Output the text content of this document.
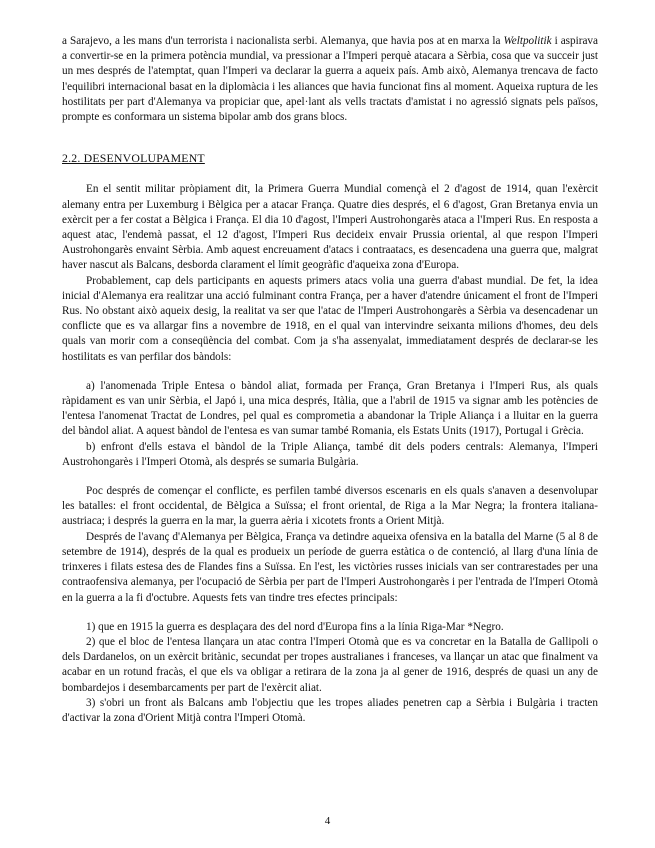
a Sarajevo, a les mans d'un terrorista i nacionalista serbi. Alemanya, que havia pos at en marxa la Weltpolitik i aspirava a convertir-se en la primera potència mundial, va pressionar a l'Imperi perquè atacara a Sèrbia, cosa que va succeir just un mes després de l'atemptat, quan l'Imperi va declarar la guerra a aqueix país. Amb això, Alemanya trencava de facto l'equilibri internacional basat en la diplomàcia i les aliances que havia funcionat fins al moment. Aqueixa ruptura de les hostilitats per part d'Alemanya va propiciar que, apel·lant als vells tractats d'amistat i no agressió signats pels països, prompte es conformara un sistema bipolar amb dos grans blocs.

2.2. DESENVOLUPAMENT

En el sentit militar pròpiament dit, la Primera Guerra Mundial començà el 2 d'agost de 1914, quan l'exèrcit alemany entra per Luxemburg i Bèlgica per a atacar França. Quatre dies després, el 6 d'agost, Gran Bretanya envia un exèrcit per a fer costat a Bèlgica i França. El dia 10 d'agost, l'Imperi Austrohongarès ataca a l'Imperi Rus. En resposta a aquest atac, l'endemà passat, el 12 d'agost, l'Imperi Rus decideix envair Prussia oriental, al que respon l'Imperi Austrohongarès envaint Sèrbia. Amb aquest encreuament d'atacs i contraatacs, es desencadena una guerra que, malgrat haver nascut als Balcans, desborda clarament el límit geogràfic d'aqueixa zona d'Europa.

Probablement, cap dels participants en aquests primers atacs volia una guerra d'abast mundial. De fet, la idea inicial d'Alemanya era realitzar una acció fulminant contra França, per a haver d'atendre únicament el front de l'Imperi Rus. No obstant això aqueix desig, la realitat va ser que l'atac de l'Imperi Austrohongarès a Sèrbia va desencadenar un conflicte que es va allargar fins a novembre de 1918, en el qual van intervindre seixanta milions d'homes, deu dels quals van morir com a conseqüència del combat. Com ja s'ha assenyalat, immediatament després de declarar-se les hostilitats es van perfilar dos bàndols:

a) l'anomenada Triple Entesa o bàndol aliat, formada per França, Gran Bretanya i l'Imperi Rus, als quals ràpidament es van unir Sèrbia, el Japó i, una mica després, Itàlia, que a l'abril de 1915 va signar amb les potències de l'entesa l'anomenat Tractat de Londres, pel qual es comprometia a abandonar la Triple Aliança i a lluitar en la guerra del bàndol aliat. A aquest bàndol de l'entesa es van sumar també Romania, els Estats Units (1917), Portugal i Grècia.

b) enfront d'ells estava el bàndol de la Triple Aliança, també dit dels poders centrals: Alemanya, l'Imperi Austrohongarès i l'Imperi Otomà, als després se sumaria Bulgària.

Poc després de començar el conflicte, es perfilen també diversos escenaris en els quals s'anaven a desenvolupar les batalles: el front occidental, de Bèlgica a Suïssa; el front oriental, de Riga a la Mar Negra; la frontera italiana-austriaca; i després la guerra en la mar, la guerra aèria i xicotets fronts a Orient Mitjà.

Després de l'avanç d'Alemanya per Bèlgica, França va detindre aqueixa ofensiva en la batalla del Marne (5 al 8 de setembre de 1914), després de la qual es produeix un període de guerra estàtica o de contenció, al llarg d'una línia de trinxeres i filats estesa des de Flandes fins a Suïssa. En l'est, les victòries russes inicials van ser contrarestades per una contraofensiva alemanya, per l'ocupació de Sèrbia per part de l'Imperi Austrohongarès i per l'entrada de l'Imperi Otomà en la guerra a la fi d'octubre. Aquests fets van tindre tres efectes principals:

1) que en 1915 la guerra es desplaçara des del nord d'Europa fins a la línia Riga-Mar *Negro.

2) que el bloc de l'entesa llançara un atac contra l'Imperi Otomà que es va concretar en la Batalla de Gallipoli o dels Dardanelos, on un exèrcit britànic, secundat per tropes australianes i franceses, va llançar un atac que finalment va acabar en un rotund fracàs, el que els va obligar a retirara de la zona ja al gener de 1916, després de quasi un any de bombardejos i desembarcaments per part de l'exèrcit aliat.

3) s'obri un front als Balcans amb l'objectiu que les tropes aliades penetren cap a Sèrbia i Bulgària i tracten d'activar la zona d'Orient Mitjà contra l'Imperi Otomà.

4
